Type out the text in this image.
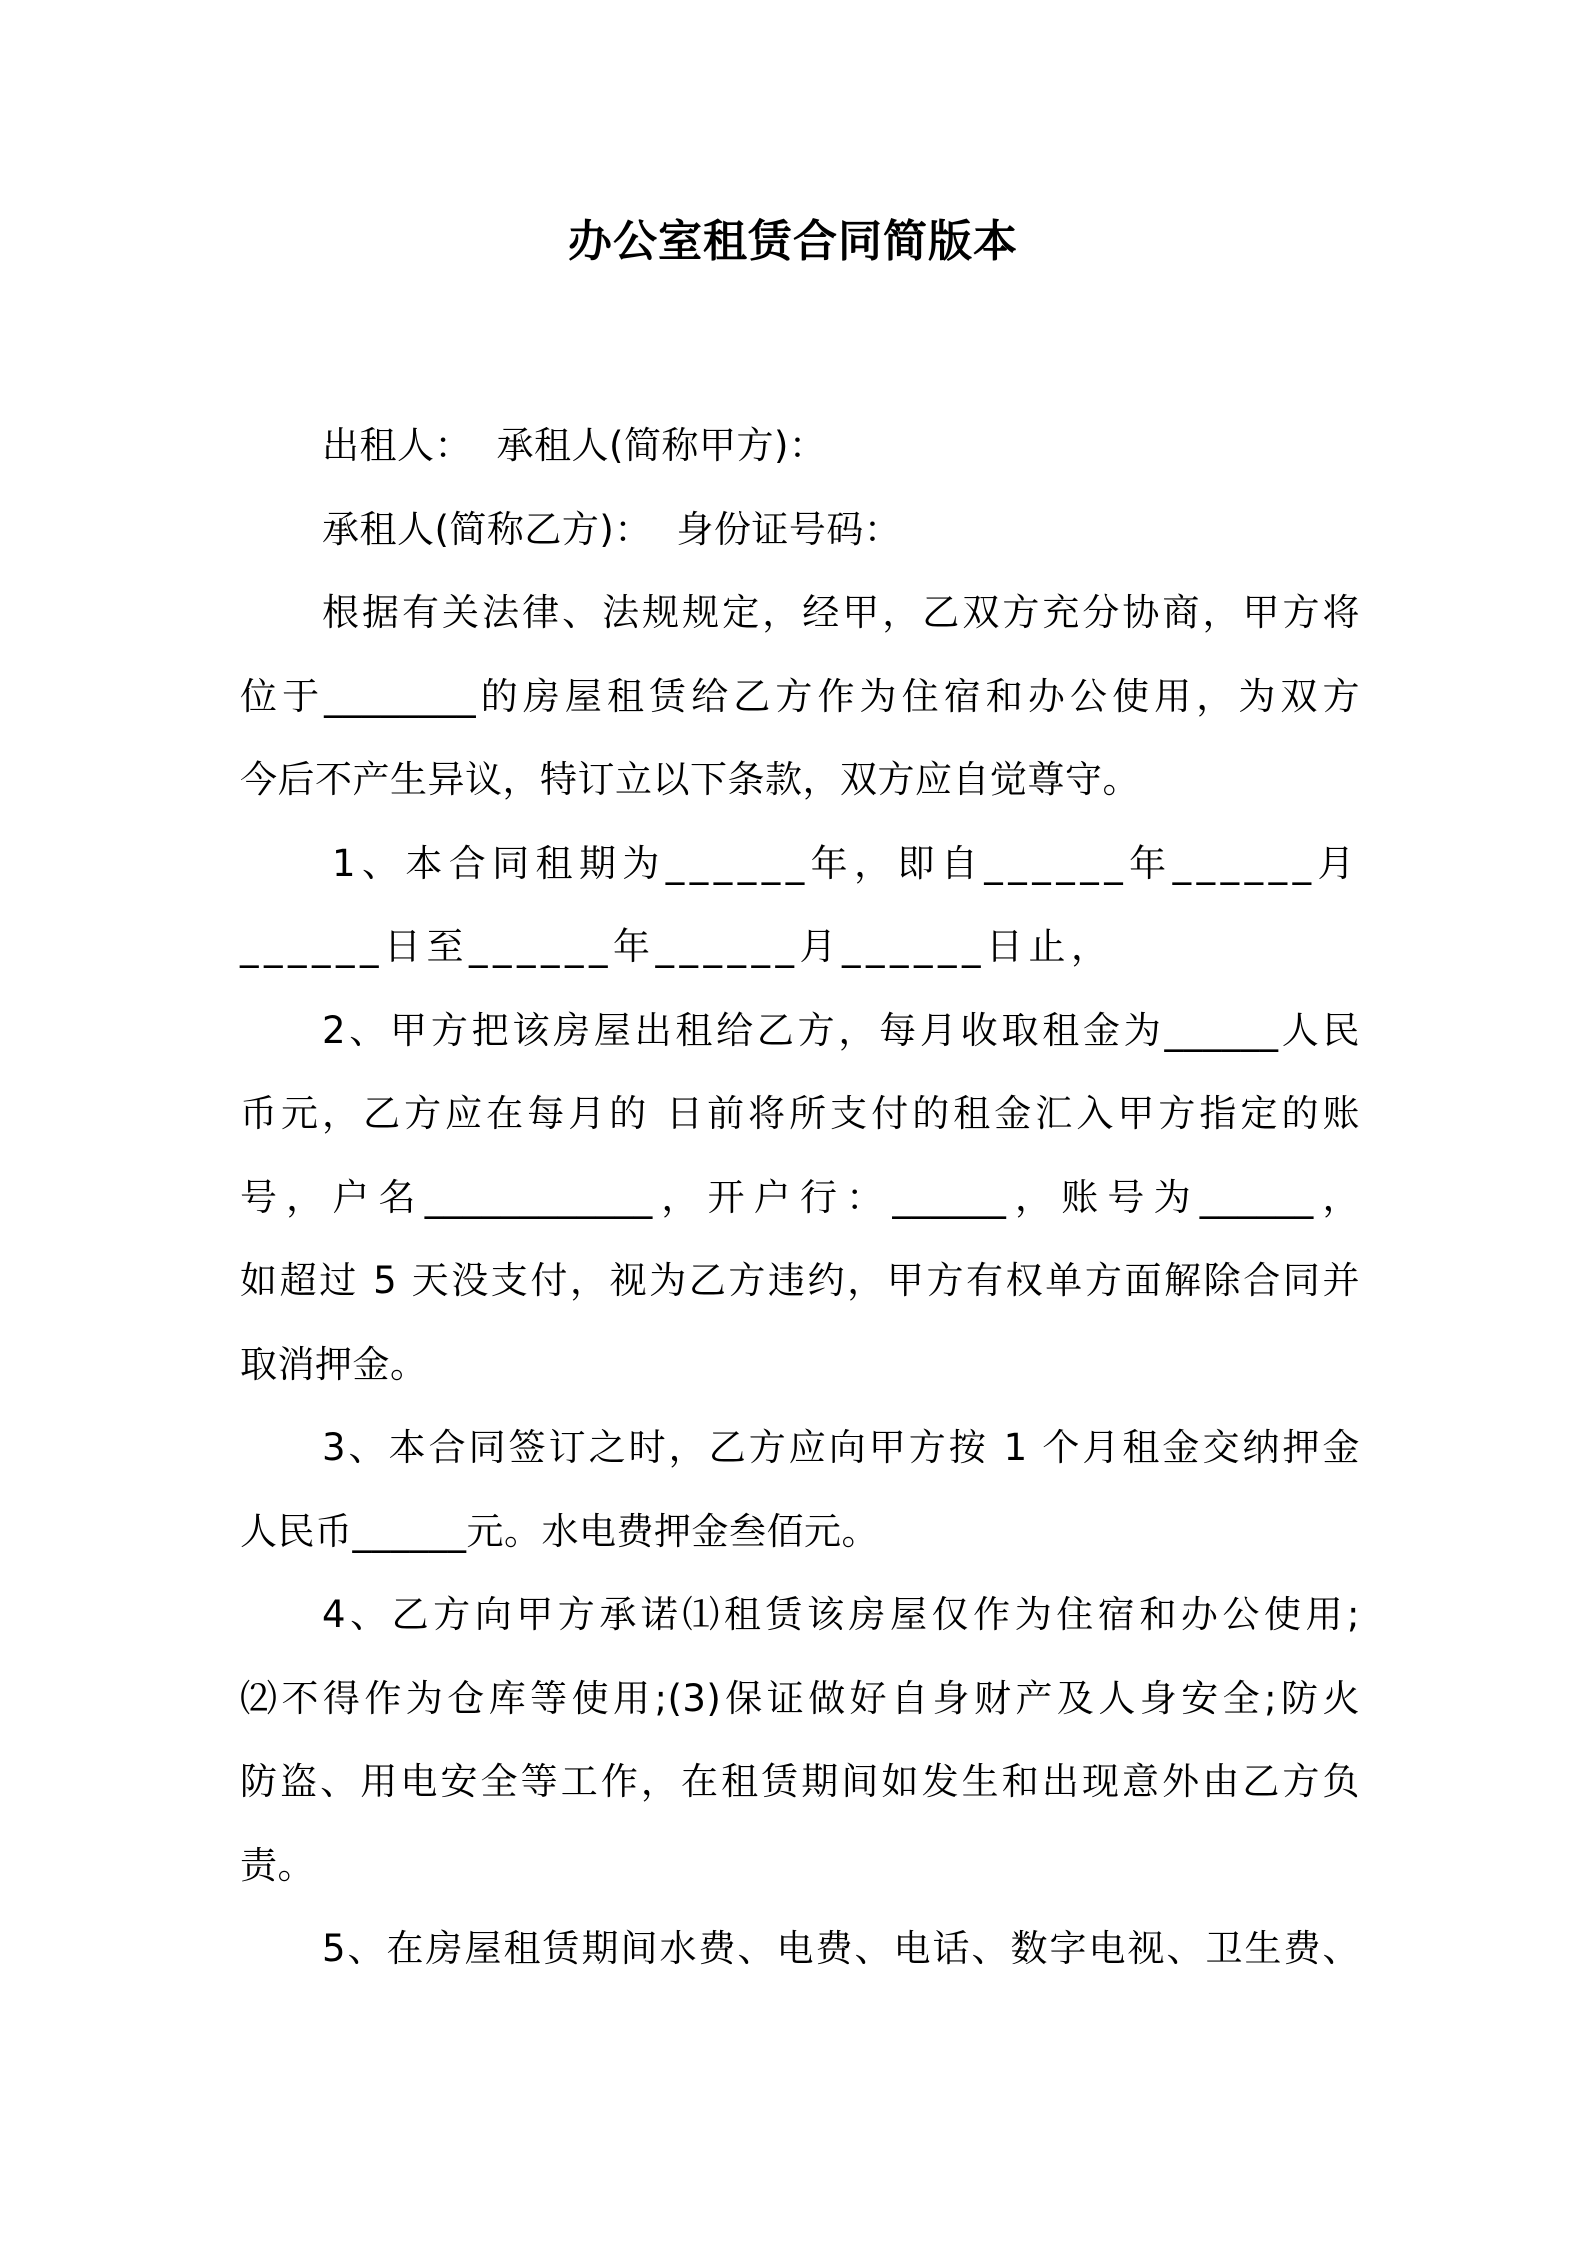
办公室租赁合同简版本
出租人：  承租人(简称甲方)：
承租人(简称乙方)：  身份证号码：
根据有关法律、法规规定，经甲，乙双方充分协商，甲方将
位于________的房屋租赁给乙方作为住宿和办公使用，为双方
今后不产生异议，特订立以下条款，双方应自觉尊守。
1、本合同租期为______年，即自______年______月
______日至______年______月______日止，
2、甲方把该房屋出租给乙方，每月收取租金为______人民
币元，乙方应在每月的 日前将所支付的租金汇入甲方指定的账
号，户名____________，开户行：______，账号为______，
如超过 5 天没支付，视为乙方违约，甲方有权单方面解除合同并
取消押金。
3、本合同签订之时，乙方应向甲方按 1 个月租金交纳押金
人民币______元。水电费押金叁佰元。
4、乙方向甲方承诺⑴租赁该房屋仅作为住宿和办公使用;
⑵不得作为仓库等使用;(3)保证做好自身财产及人身安全;防火
防盗、用电安全等工作，在租赁期间如发生和出现意外由乙方负
责。
5、在房屋租赁期间水费、电费、电话、数字电视、卫生费、
